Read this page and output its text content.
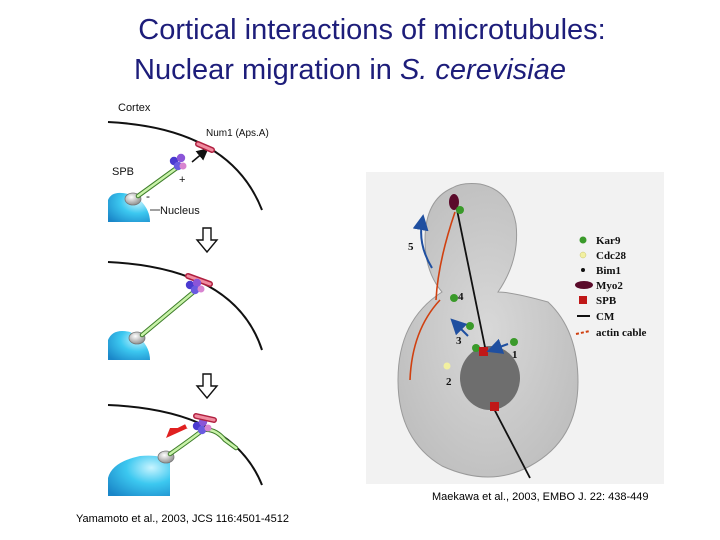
Cortical interactions of microtubules:
Nuclear migration in S. cerevisiae
Cortex
Num1 (Aps.A)
SPB
Nucleus
+
-
1
2
3
4
5	Kar9
Cdc28
Bim1
Myo2
SPB
CM
actin cable
Maekawa et al., 2003, EMBO J. 22: 438-449
Yamamoto et al., 2003, JCS 116:4501-4512
